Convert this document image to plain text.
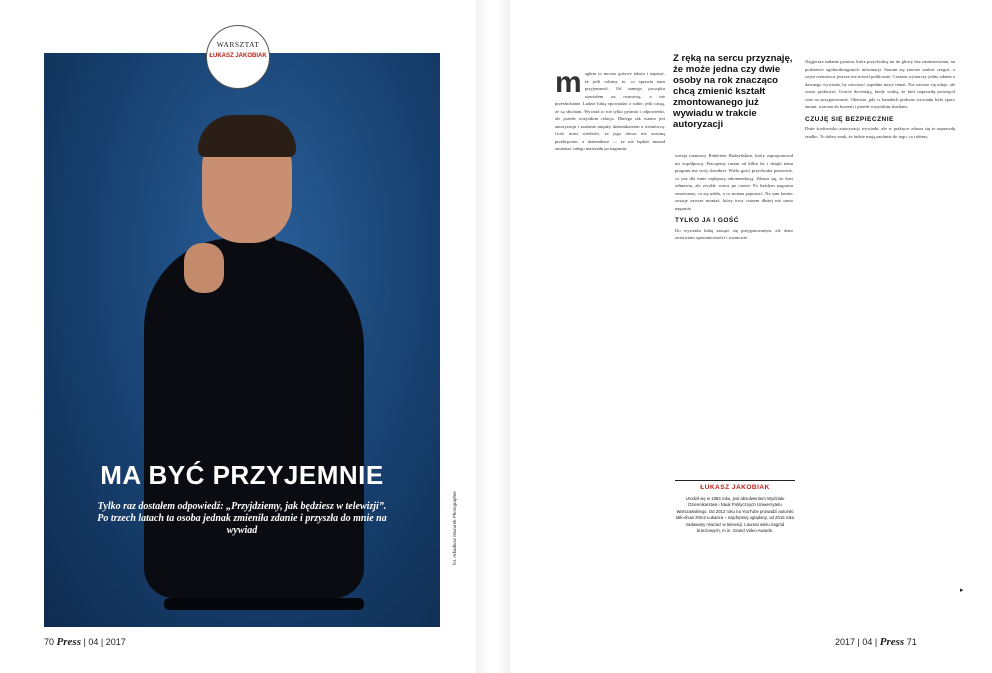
WARSZTAT
ŁUKASZ JAKOBIAK
MA BYĆ PRZYJEMNIE

Tylko raz dostałem odpowiedź: „Przyjdziemy, jak będziesz w telewizji”. Po trzech latach ta osoba jednak zmieniła zdanie i przyszła do mnie na wywiad	fot. Arkadiusz Mazurek Photographer
70 Press | 04 | 2017
m ogłem to mocno gotowe tekstu i napisać, że jeśli robimy to, co sprawia nam przyjemność. Od samego początku stawiałem na rozmowę, a nie przesłuchanie. Ludzie lubią opowiadać o sobie, jeśli czują, że są słuchani. Wywiad to nie tylko pytania i odpowiedzi, ale przede wszystkim relacja. Dlatego tak ważna jest autoryzacja i zaufanie między dziennikarzem a rozmówcą. Gość musi wiedzieć, że jego słowa nie zostaną przekręcone, a dziennikarz — że nie będzie musiał zmieniać całego materiału po nagraniu.
Z ręką na sercu przyznaję, że może jedna czy dwie osoby na rok znacząco chcą zmienić kształt zmontowanego już wywiadu w trakcie autoryzacji
wersja rozmowy Robertem Budzyńskim, który zaproponował mi współpracę. Pracujemy razem od kilku lat i dzięki temu program ma swój charakter. Wielu gości przychodzi ponownie, co jest dla mnie najlepszą rekomendacją. Zdarza się, że ktoś odmawia, ale zwykle wraca po czasie. Po każdym nagraniu omawiamy, co się udało, a co można poprawić. Na sam koniec zostaje zawsze montaż, który trwa czasem dłużej niż samo nagranie.
TYLKO JA I GOŚĆ
Do wywiadu lubię zasiąść się przygotowanym, ale dużo zostawiam spontaniczności i rozmowie.
ŁUKASZ JAKOBIAK
Urodził się w 1983 roku, jest absolwentem Wydziału Dziennikarstwa i Nauk Politycznych Uniwersytetu Warszawskiego. Od 2012 roku na YouTube prowadzi autorski talk-show 20m2 Łukasza – najchętniej oglądany, od 2016 roku nadawany również w telewizji. Laureat wielu nagród branżowych, m.in. Grand Video Awards.
Najgorsze zadanie pytania, które przychodzą mi do głowy bez zastanowienia, na podstawie ogólnodostępnych informacji. Staram się zawsze szukać czegoś, o czym rozmówca jeszcze nie mówił publicznie. Czasem wystarczy jedno zdanie z dawnego wywiadu, by otworzyć zupełnie nowy temat. Nie zawsze się udaje, ale warto próbować. Goście doceniają, kiedy widzą, że ktoś naprawdę poświęcił czas na przygotowanie. Obecnie, gdy w kanałach podczas wywiadu było sporo zmian, wracam do korzeni i przede wszystkim słucham.
CZUJĘ SIĘ BEZPIECZNIE
Duże środowisko autoryzacji wywiadu, ale w praktyce zdarza się to naprawdę rzadko. To dobry znak, że ludzie mają zaufanie do tego, co robimy.
▸
2017 | 04 | Press 71
